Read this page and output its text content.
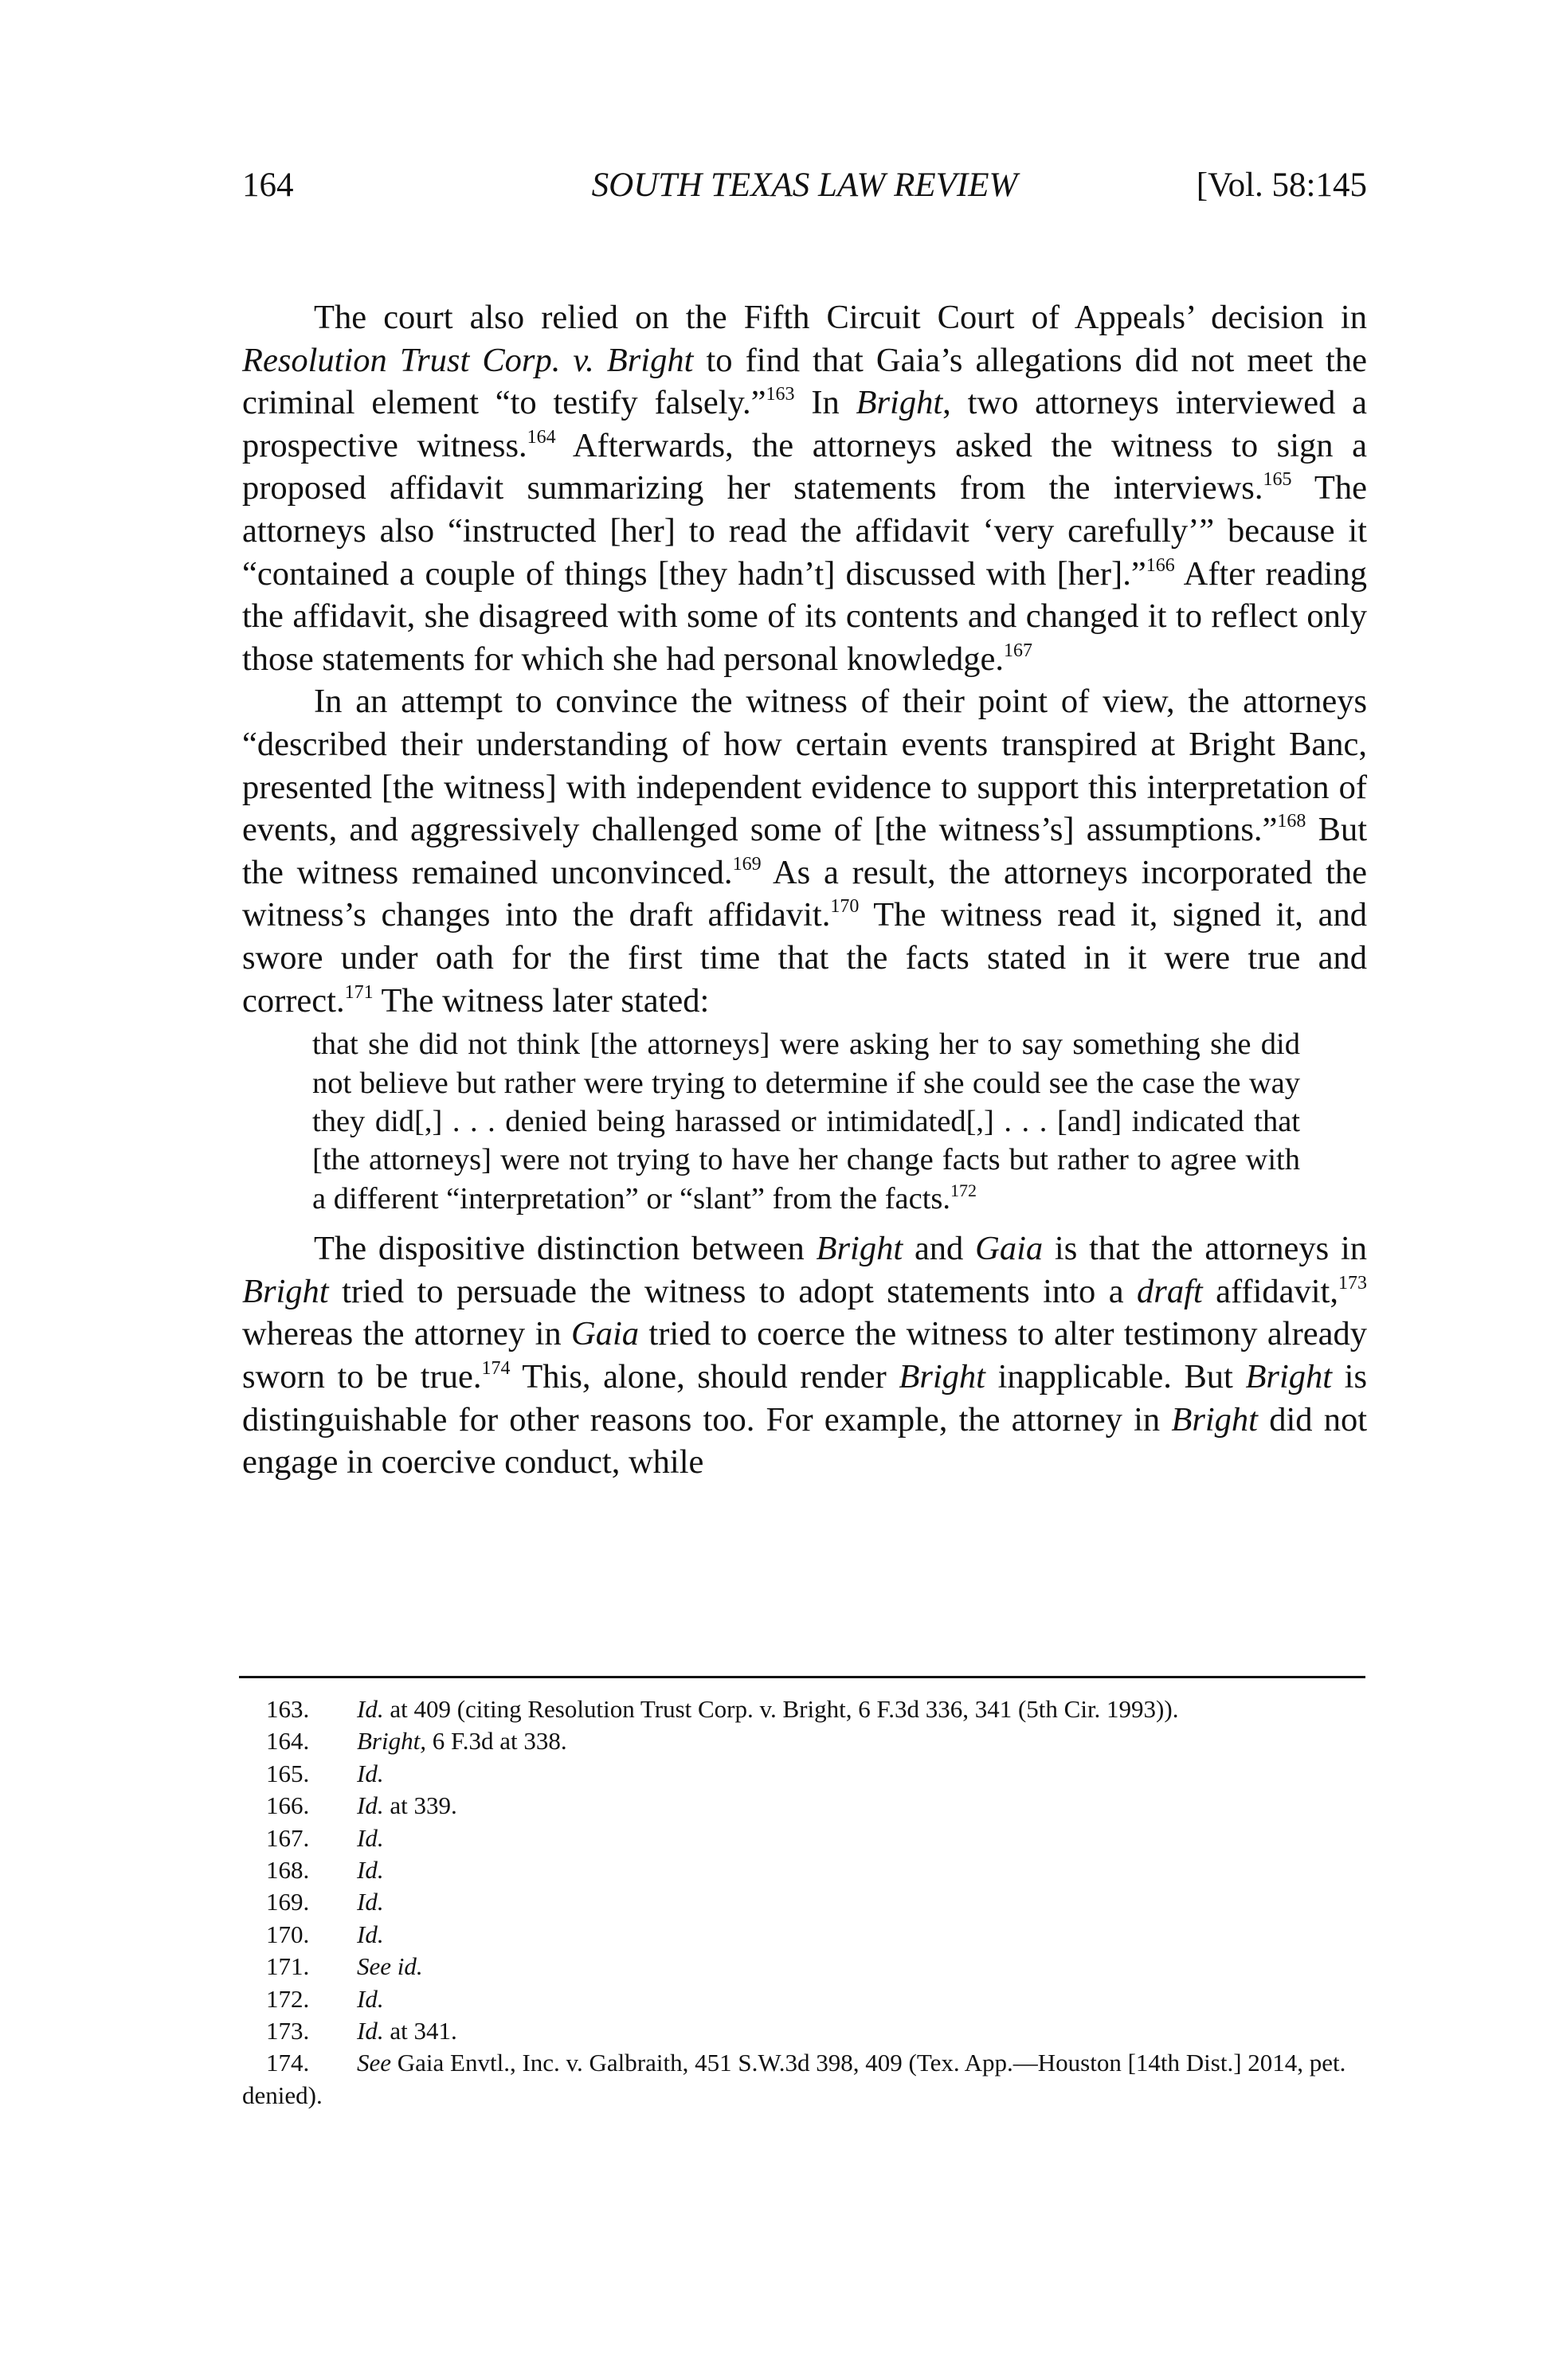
164	SOUTH TEXAS LAW REVIEW	[Vol. 58:145

The court also relied on the Fifth Circuit Court of Appeals’ decision in Resolution Trust Corp. v. Bright to find that Gaia’s allegations did not meet the criminal element “to testify falsely.”$^{163}$ In Bright, two attorneys interviewed a prospective witness.$^{164}$ Afterwards, the attorneys asked the witness to sign a proposed affidavit summarizing her statements from the interviews.$^{165}$ The attorneys also “instructed [her] to read the affidavit ‘very carefully’” because it “contained a couple of things [they hadn’t] discussed with [her].”$^{166}$ After reading the affidavit, she disagreed with some of its contents and changed it to reflect only those statements for which she had personal knowledge.$^{167}$

In an attempt to convince the witness of their point of view, the attorneys “described their understanding of how certain events transpired at Bright Banc, presented [the witness] with independent evidence to support this interpretation of events, and aggressively challenged some of [the witness’s] assumptions.”$^{168}$ But the witness remained unconvinced.$^{169}$ As a result, the attorneys incorporated the witness’s changes into the draft affidavit.$^{170}$ The witness read it, signed it, and swore under oath for the first time that the facts stated in it were true and correct.$^{171}$ The witness later stated:

that she did not think [the attorneys] were asking her to say something she did not believe but rather were trying to determine if she could see the case the way they did[,] . . . denied being harassed or intimidated[,] . . . [and] indicated that [the attorneys] were not trying to have her change facts but rather to agree with a different “interpretation” or “slant” from the facts.$^{172}$

The dispositive distinction between Bright and Gaia is that the attorneys in Bright tried to persuade the witness to adopt statements into a draft affidavit,$^{173}$ whereas the attorney in Gaia tried to coerce the witness to alter testimony already sworn to be true.$^{174}$ This, alone, should render Bright inapplicable. But Bright is distinguishable for other reasons too. For example, the attorney in Bright did not engage in coercive conduct, while

163.	Id. at 409 (citing Resolution Trust Corp. v. Bright, 6 F.3d 336, 341 (5th Cir. 1993)).
164.	Bright, 6 F.3d at 338.
165.	Id.
166.	Id. at 339.
167.	Id.
168.	Id.
169.	Id.
170.	Id.
171.	See id.
172.	Id.
173.	Id. at 341.
174.	See Gaia Envtl., Inc. v. Galbraith, 451 S.W.3d 398, 409 (Tex. App.—Houston [14th Dist.] 2014, pet. denied).
